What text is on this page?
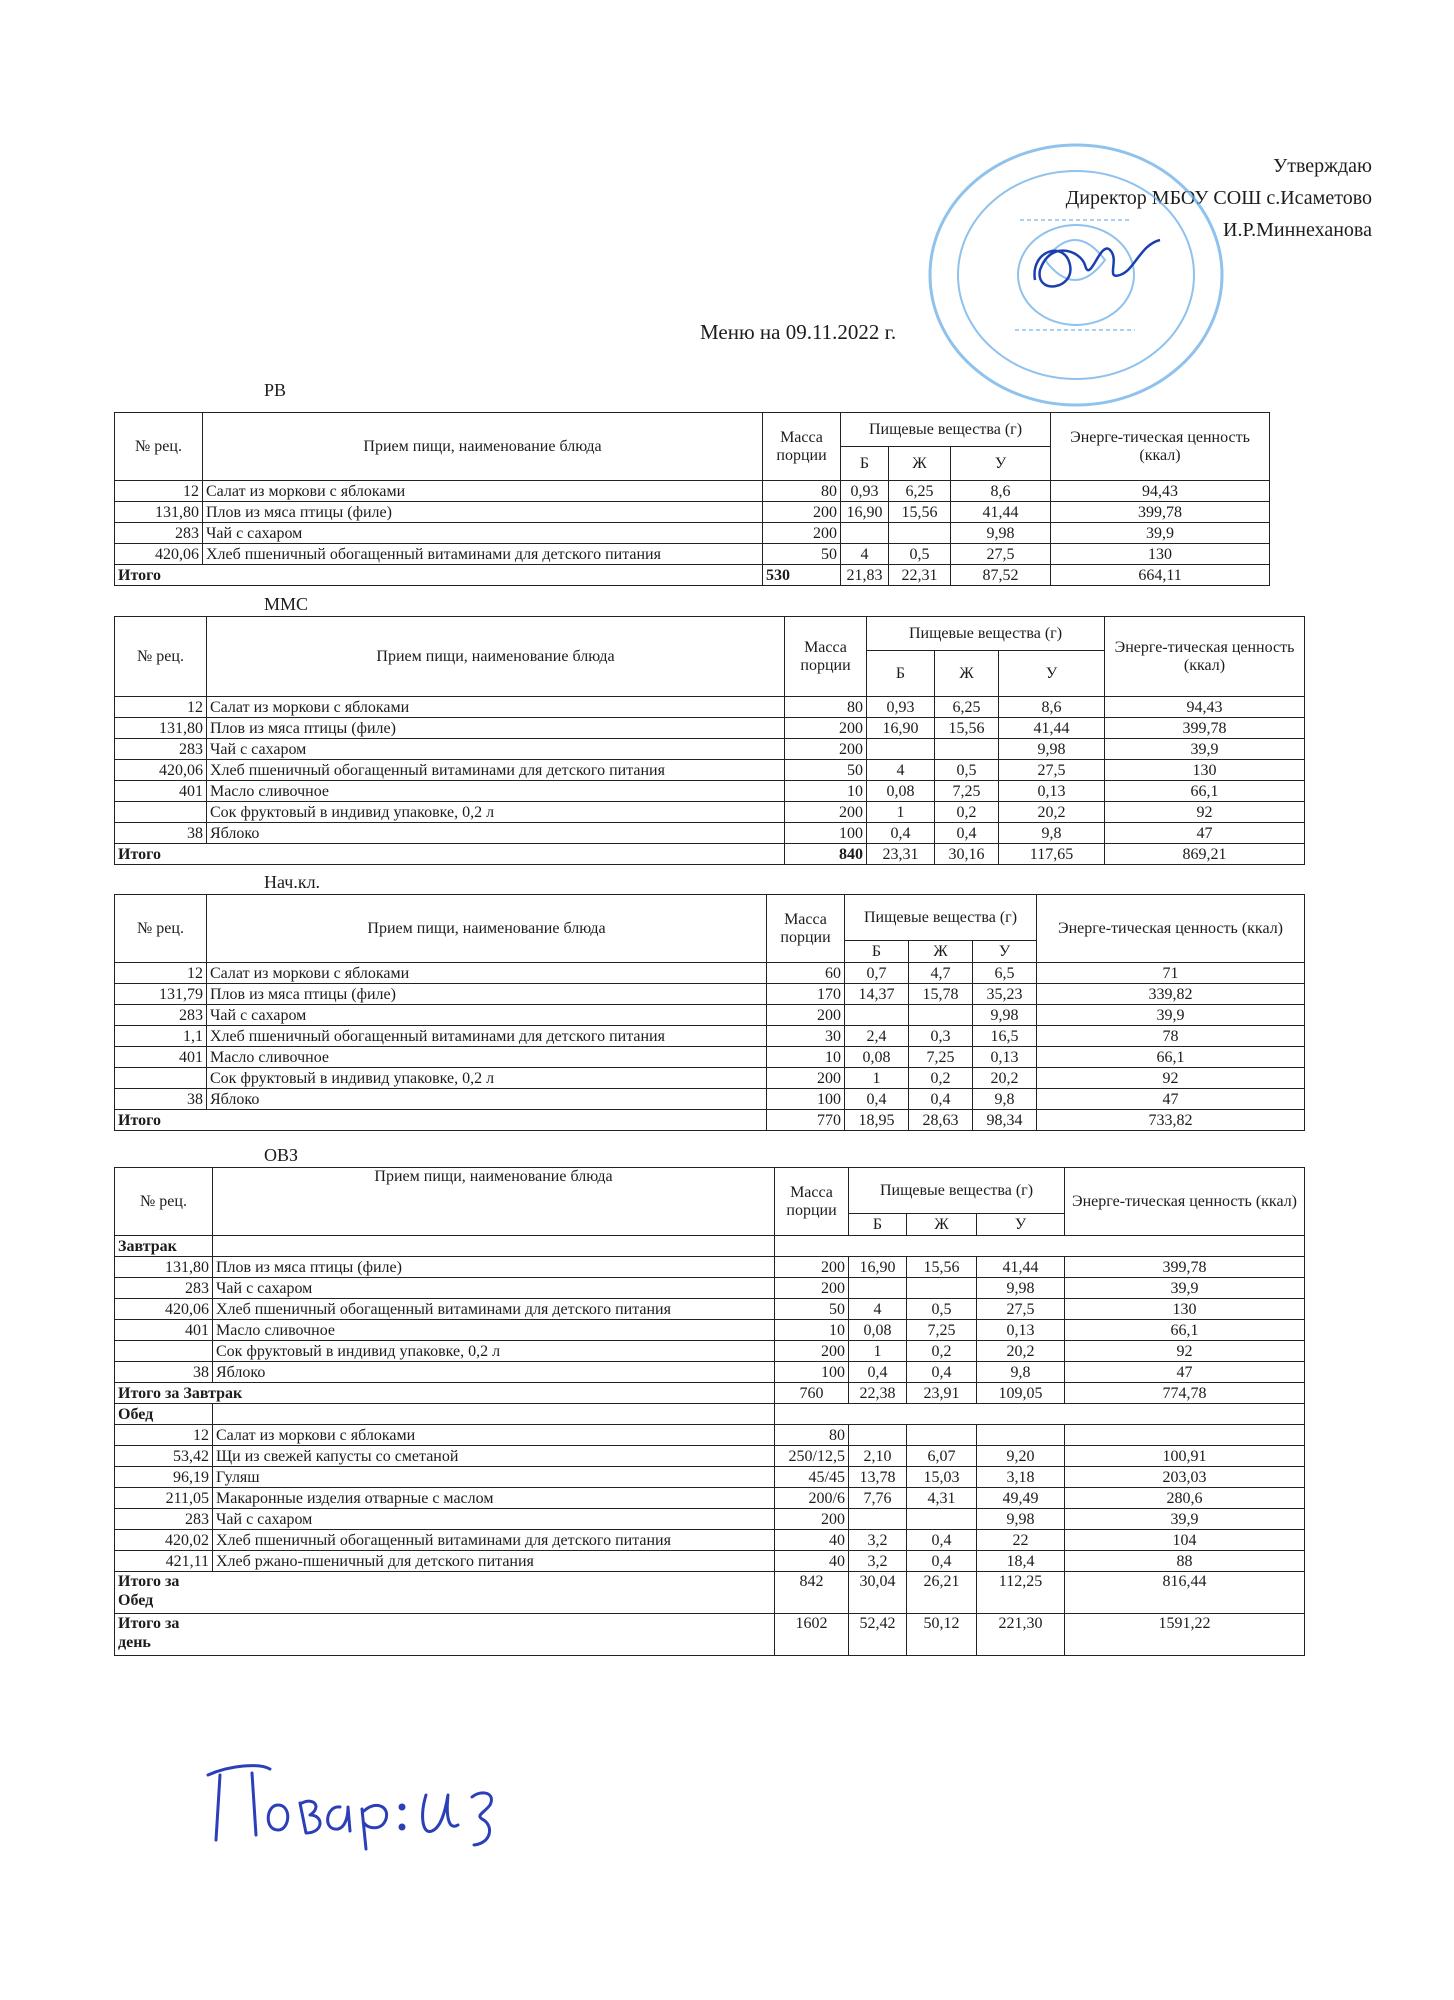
Утверждаю
Директор МБОУ СОШ с.Исаметово
И.Р.Миннеханова
Меню на 09.11.2022 г.
РВ
№ рец.	Прием пищи, наименование блюда	Масса порции	Пищевые вещества (г)			Энерге-тическая ценность (ккал)
			Б	Ж	У	
12	Салат из моркови с яблоками	80	0,93	6,25	8,6	94,43
131,80	Плов из мяса птицы (филе)	200	16,90	15,56	41,44	399,78
283	Чай с сахаром	200			9,98	39,9
420,06	Хлеб пшеничный обогащенный витаминами для детского питания	50	4	0,5	27,5	130
Итого		530	21,83	22,31	87,52	664,11
ММС
№ рец.	Прием пищи, наименование блюда	Масса порции	Пищевые вещества (г)			Энерге-тическая ценность (ккал)
			Б	Ж	У	
12	Салат из моркови с яблоками	80	0,93	6,25	8,6	94,43
131,80	Плов из мяса птицы (филе)	200	16,90	15,56	41,44	399,78
283	Чай с сахаром	200			9,98	39,9
420,06	Хлеб пшеничный обогащенный витаминами для детского питания	50	4	0,5	27,5	130
401	Масло сливочное	10	0,08	7,25	0,13	66,1
	Сок фруктовый в индивид упаковке, 0,2 л	200	1	0,2	20,2	92
38	Яблоко	100	0,4	0,4	9,8	47
Итого		840	23,31	30,16	117,65	869,21
Нач.кл.
№ рец.	Прием пищи, наименование блюда	Масса порции	Пищевые вещества (г)			Энерге-тическая ценность (ккал)
			Б	Ж	У	
12	Салат из моркови с яблоками	60	0,7	4,7	6,5	71
131,79	Плов из мяса птицы (филе)	170	14,37	15,78	35,23	339,82
283	Чай с сахаром	200			9,98	39,9
1,1	Хлеб пшеничный обогащенный витаминами для детского питания	30	2,4	0,3	16,5	78
401	Масло сливочное	10	0,08	7,25	0,13	66,1
	Сок фруктовый в индивид упаковке, 0,2 л	200	1	0,2	20,2	92
38	Яблоко	100	0,4	0,4	9,8	47
Итого		770	18,95	28,63	98,34	733,82
ОВЗ
№ рец.	Прием пищи, наименование блюда	Масса порции	Пищевые вещества (г)			Энерге-тическая ценность (ккал)
			Б	Ж	У	
Завтрак						
131,80	Плов из мяса птицы (филе)	200	16,90	15,56	41,44	399,78
283	Чай с сахаром	200			9,98	39,9
420,06	Хлеб пшеничный обогащенный витаминами для детского питания	50	4	0,5	27,5	130
401	Масло сливочное	10	0,08	7,25	0,13	66,1
	Сок фруктовый в индивид упаковке, 0,2 л	200	1	0,2	20,2	92
38	Яблоко	100	0,4	0,4	9,8	47
Итого за Завтрак		760	22,38	23,91	109,05	774,78
Обед						
12	Салат из моркови с яблоками	80				
53,42	Щи из свежей капусты со сметаной	250/12,5	2,10	6,07	9,20	100,91
96,19	Гуляш	45/45	13,78	15,03	3,18	203,03
211,05	Макаронные изделия отварные с маслом	200/6	7,76	4,31	49,49	280,6
283	Чай с сахаром	200			9,98	39,9
420,02	Хлеб пшеничный обогащенный витаминами для детского питания	40	3,2	0,4	22	104
421,11	Хлеб ржано-пшеничный для детского питания	40	3,2	0,4	18,4	88
Итого за Обед		842	30,04	26,21	112,25	816,44
Итого за день		1602	52,42	50,12	221,30	1591,22
